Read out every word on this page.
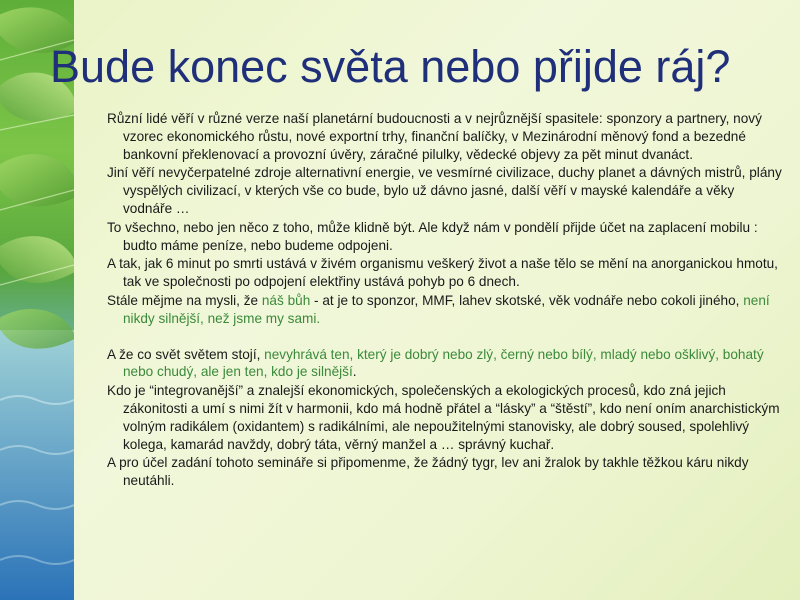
Bude konec světa nebo přijde ráj?

Různí lidé věří v různé verze naší planetární budoucnosti a v nejrůznější spasitele: sponzory a partnery, nový vzorec ekonomického růstu, nové exportní trhy, finanční balíčky, v Mezinárodní měnový fond a bezedné bankovní překlenovací a provozní úvěry, záračné pilulky, vědecké objevy za pět minut dvanáct.

Jiní věří nevyčerpatelné zdroje alternativní energie, ve vesmírné civilizace, duchy planet a dávných mistrů, plány vyspělých civilizací, v kterých vše co bude, bylo už dávno jasné, další věří v mayské kalendáře a věky vodnáře …

To všechno, nebo jen něco z toho, může klidně být. Ale když nám v pondělí přijde účet na zaplacení mobilu : budto máme peníze, nebo budeme odpojeni.

A tak, jak 6 minut po smrti ustává v živém organismu veškerý život a naše tělo se mění na anorganickou hmotu, tak ve společnosti po odpojení elektřiny ustává pohyb po 6 dnech.

Stále mějme na mysli, že náš bůh - at je to sponzor, MMF, lahev skotské, věk vodnáře nebo cokoli jiného, není nikdy silnější, než jsme my sami.

A že co svět světem stojí, nevyhrává ten, který je dobrý nebo zlý, černý nebo bílý, mladý nebo ošklivý, bohatý nebo chudý, ale jen ten, kdo je silnější.

Kdo je “integrovanější” a znalejší ekonomických, společenských a ekologických procesů, kdo zná jejich zákonitosti a umí s nimi žít v harmonii, kdo má hodně přátel a “lásky” a “štěstí”, kdo není oním anarchistickým volným radikálem (oxidantem) s radikálními, ale nepoužitelnými stanovisky, ale dobrý soused, spolehlivý kolega, kamarád navždy, dobrý táta, věrný manžel a … správný kuchař.

A pro účel zadání tohoto semináře si připomenme, že žádný tygr, lev ani žralok by takhle těžkou káru nikdy neutáhli.
